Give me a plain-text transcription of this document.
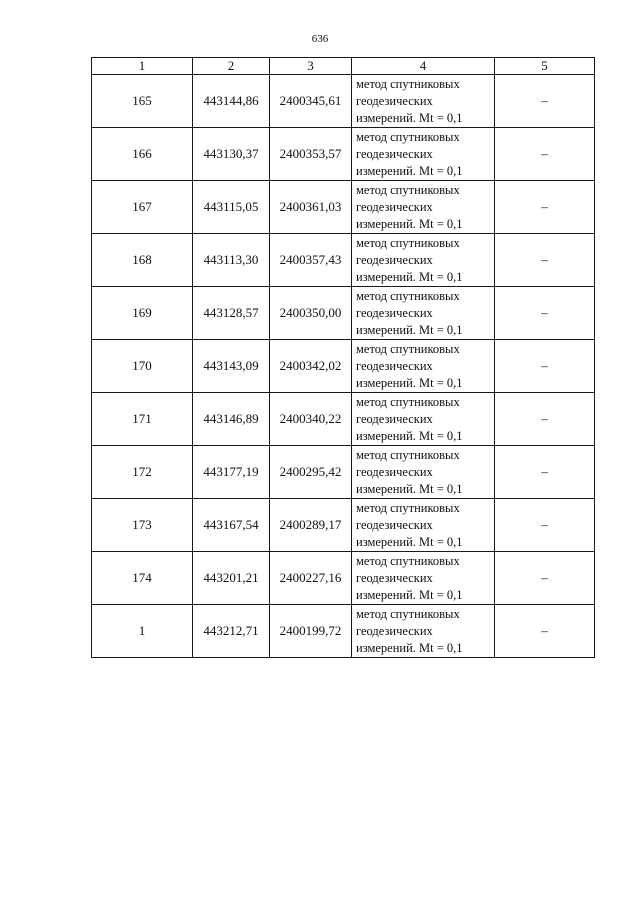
636
1	2	3	4	5
165	443144,86	2400345,61	метод спутниковых
геодезических
измерений. Mt = 0,1	–
166	443130,37	2400353,57	метод спутниковых
геодезических
измерений. Mt = 0,1	–
167	443115,05	2400361,03	метод спутниковых
геодезических
измерений. Mt = 0,1	–
168	443113,30	2400357,43	метод спутниковых
геодезических
измерений. Mt = 0,1	–
169	443128,57	2400350,00	метод спутниковых
геодезических
измерений. Mt = 0,1	–
170	443143,09	2400342,02	метод спутниковых
геодезических
измерений. Mt = 0,1	–
171	443146,89	2400340,22	метод спутниковых
геодезических
измерений. Mt = 0,1	–
172	443177,19	2400295,42	метод спутниковых
геодезических
измерений. Mt = 0,1	–
173	443167,54	2400289,17	метод спутниковых
геодезических
измерений. Mt = 0,1	–
174	443201,21	2400227,16	метод спутниковых
геодезических
измерений. Mt = 0,1	–
1	443212,71	2400199,72	метод спутниковых
геодезических
измерений. Mt = 0,1	–
